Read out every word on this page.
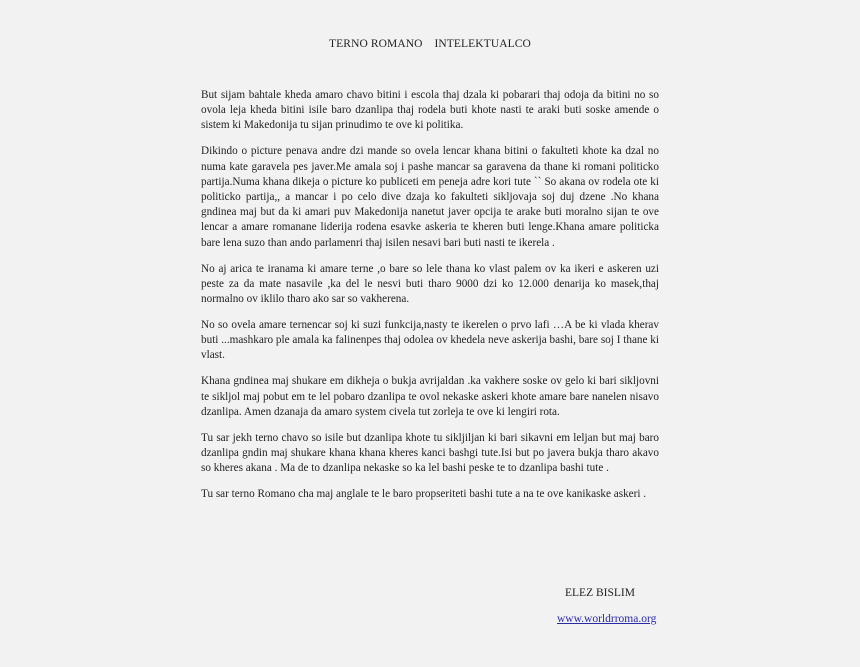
TERNO ROMANO    INTELEKTUALCO

But sijam bahtale kheda amaro chavo bitini i escola thaj dzala ki pobarari thaj odoja da bitini no so ovola leja kheda bitini isile baro dzanlipa thaj rodela buti khote nasti te araki buti soske amende o sistem ki Makedonija tu sijan prinudimo te ove ki politika.

Dikindo o picture penava andre dzi mande so ovela lencar khana bitini o fakulteti khote ka dzal no numa kate garavela pes javer.Me amala soj i pashe mancar sa garavena da thane ki romani politicko partija.Numa khana dikeja o picture ko publiceti em peneja adre kori tute `` So akana ov rodela ote ki politicko partija,, a mancar i po celo dive dzaja ko fakulteti sikljovaja soj duj dzene .No khana gndinea maj but da ki amari puv Makedonija nanetut javer opcija te arake buti moralno sijan te ove lencar a amare romanane liderija rodena esavke askeria te kheren buti lenge.Khana amare politicka bare lena suzo than ando parlamenri thaj isilen nesavi bari buti nasti te ikerela .

No aj arica te iranama ki amare terne ,o bare so lele thana ko vlast palem ov ka ikeri e askeren uzi peste za da mate nasavile ,ka del le nesvi buti tharo 9000 dzi ko 12.000 denarija ko masek,thaj normalno ov iklilo tharo ako sar so vakherena.

No so ovela amare ternencar soj ki suzi funkcija,nasty te ikerelen o prvo lafi …A be ki vlada kherav buti ...mashkaro ple amala ka falinenpes thaj odolea ov khedela neve askerija bashi, bare soj I thane ki vlast.

Khana gndinea maj shukare em dikheja o bukja avrijaldan .ka vakhere soske ov gelo ki bari sikljovni te sikljol maj pobut em te lel pobaro dzanlipa te ovol nekaske askeri khote amare bare nanelen nisavo dzanlipa. Amen dzanaja da amaro system civela tut zorleja te ove ki lengiri rota.

Tu sar jekh terno chavo so isile but dzanlipa khote tu sikljiljan ki bari sikavni em leljan but maj baro dzanlipa gndin maj shukare khana khana kheres kanci bashgi tute.Isi but po javera bukja tharo akavo so kheres akana . Ma de to dzanlipa nekaske so ka lel bashi peske te to dzanlipa bashi tute .

Tu sar terno Romano cha maj anglale te le baro propseriteti bashi tute a na te ove kanikaske askeri .

ELEZ BISLIM
www.worldrroma.org
